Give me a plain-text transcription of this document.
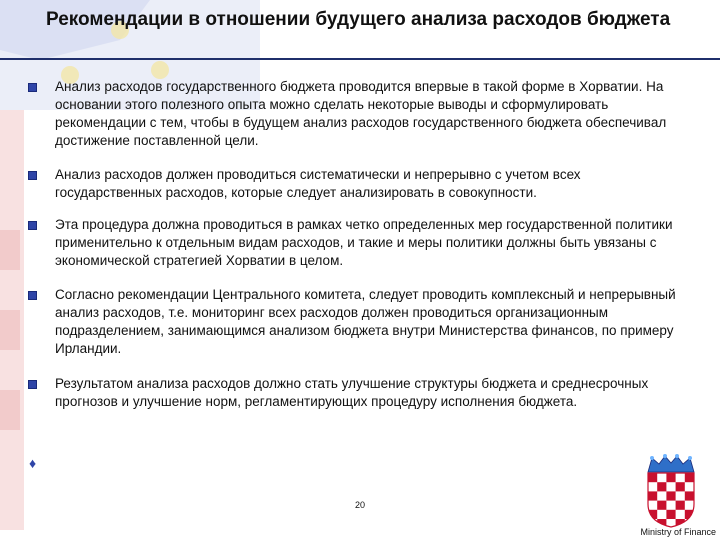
Рекомендации в отношении будущего анализа расходов бюджета
Анализ расходов государственного бюджета проводится впервые в такой форме в Хорватии. На основании этого полезного опыта можно сделать некоторые выводы и сформулировать рекомендации с тем, чтобы в будущем анализ расходов государственного бюджета обеспечивал достижение поставленной цели.
Анализ расходов должен проводиться систематически и непрерывно с учетом всех государственных расходов, которые следует анализировать в совокупности.
Эта процедура должна проводиться в рамках четко определенных мер государственной политики применительно к отдельным видам расходов, и такие и меры политики должны быть увязаны с экономической стратегией Хорватии в целом.
Согласно рекомендации Центрального комитета, следует проводить комплексный и непрерывный анализ расходов, т.е. мониторинг всех расходов должен проводиться организационным подразделением, занимающимся анализом бюджета внутри Министерства финансов, по примеру Ирландии.
Результатом анализа расходов должно стать улучшение структуры бюджета и среднесрочных прогнозов и улучшение норм, регламентирующих процедуру исполнения бюджета.
♦
20
Ministry of Finance
